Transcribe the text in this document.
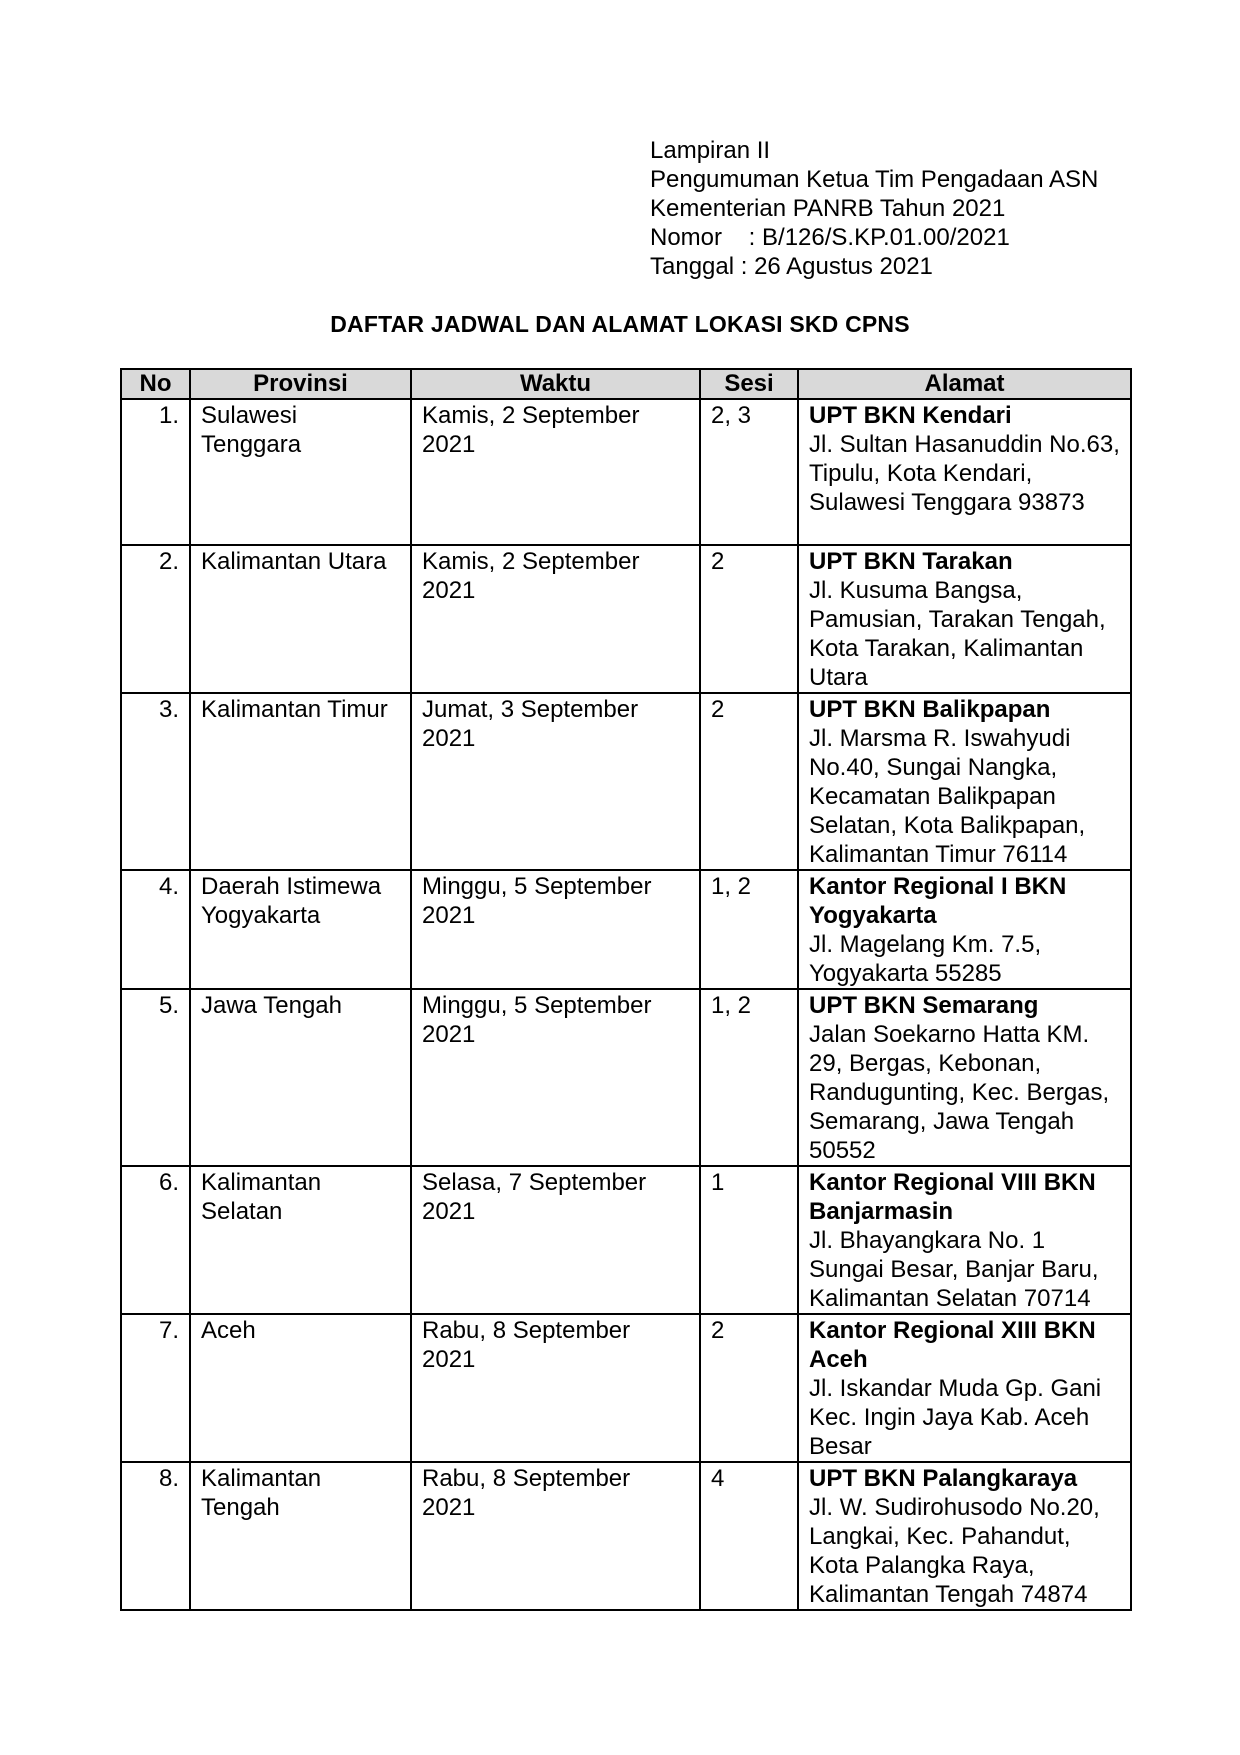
Lampiran II
Pengumuman Ketua Tim Pengadaan ASN
Kementerian PANRB Tahun 2021
Nomor    : B/126/S.KP.01.00/2021
Tanggal : 26 Agustus 2021
DAFTAR JADWAL DAN ALAMAT LOKASI SKD CPNS
No	Provinsi	Waktu	Sesi	Alamat
1.	Sulawesi Tenggara	Kamis, 2 September 2021	2, 3	UPT BKN Kendari
Jl. Sultan Hasanuddin No.63, Tipulu, Kota Kendari, Sulawesi Tenggara 93873

2.	Kalimantan Utara	Kamis, 2 September 2021	2	UPT BKN Tarakan
Jl. Kusuma Bangsa, Pamusian, Tarakan Tengah, Kota Tarakan, Kalimantan Utara

3.	Kalimantan Timur	Jumat, 3 September 2021	2	UPT BKN Balikpapan
Jl. Marsma R. Iswahyudi No.40, Sungai Nangka, Kecamatan Balikpapan Selatan, Kota Balikpapan, Kalimantan Timur 76114

4.	Daerah Istimewa Yogyakarta	Minggu, 5 September 2021	1, 2	Kantor Regional I BKN Yogyakarta
Jl. Magelang Km. 7.5, Yogyakarta 55285

5.	Jawa Tengah	Minggu, 5 September 2021	1, 2	UPT BKN Semarang
Jalan Soekarno Hatta KM. 29, Bergas, Kebonan, Randugunting, Kec. Bergas, Semarang, Jawa Tengah 50552

6.	Kalimantan Selatan	Selasa, 7 September 2021	1	Kantor Regional VIII BKN Banjarmasin
Jl. Bhayangkara No. 1 Sungai Besar, Banjar Baru, Kalimantan Selatan 70714

7.	Aceh	Rabu, 8 September 2021	2	Kantor Regional XIII BKN Aceh
Jl. Iskandar Muda Gp. Gani Kec. Ingin Jaya Kab. Aceh Besar

8.	Kalimantan Tengah	Rabu, 8 September 2021	4	UPT BKN Palangkaraya
Jl. W. Sudirohusodo No.20, Langkai, Kec. Pahandut, Kota Palangka Raya, Kalimantan Tengah 74874
